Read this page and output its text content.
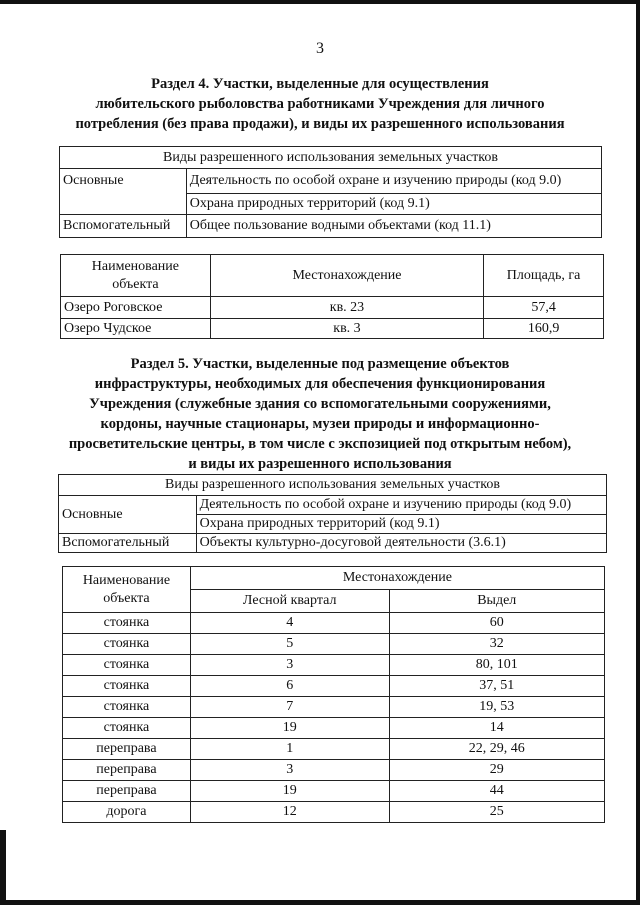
3
Раздел 4. Участки, выделенные для осуществления
любительского рыболовства работниками Учреждения для личного
потребления (без права продажи), и виды их разрешенного использования
Виды разрешенного использования земельных участков	
Основные	Деятельность по особой охране и изучению природы (код 9.0)
	Охрана природных территорий (код 9.1)
Вспомогательный	Общее пользование водными объектами (код 11.1)
Наименование
объекта	Местонахождение	Площадь, га
Озеро Роговское	кв. 23	57,4
Озеро Чудское	кв. 3	160,9
Раздел 5. Участки, выделенные под размещение объектов
инфраструктуры, необходимых для обеспечения функционирования
Учреждения (служебные здания со вспомогательными сооружениями,
кордоны, научные стационары, музеи природы и информационно-
просветительские центры, в том числе с экспозицией под открытым небом),
и виды их разрешенного использования
Виды разрешенного использования земельных участков	
Основные	Деятельность по особой охране и изучению природы (код 9.0)
	Охрана природных территорий (код 9.1)
Вспомогательный	Объекты культурно-досуговой деятельности (3.6.1)
Наименование
объекта	Местонахождение	
	Лесной квартал	Выдел
стоянка	4	60
стоянка	5	32
стоянка	3	80, 101
стоянка	6	37, 51
стоянка	7	19, 53
стоянка	19	14
переправа	1	22, 29, 46
переправа	3	29
переправа	19	44
дорога	12	25
